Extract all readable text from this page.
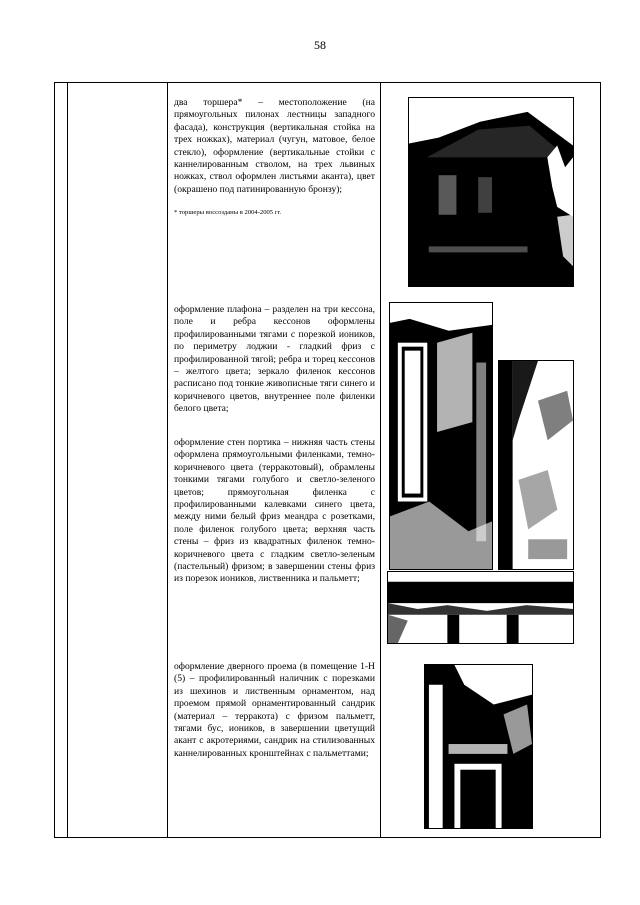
58

два торшера* – местоположение (на прямоугольных пилонах лестницы западного фасада), конструкция (вертикальная стойка на трех ножках), материал (чугун, матовое, белое стекло), оформление (вертикальные стойки с каннелированным стволом, на трех львиных ножках, ствол оформлен листьями аканта), цвет (окрашено под патинированную бронзу);

* торшеры воссозданы в 2004-2005 гг.

оформление плафона – разделен на три кессона, поле и ребра кессонов оформлены профилированными тягами с порезкой иоников, по периметру лоджии - гладкий фриз с профилированной тягой; ребра и торец кессонов – желтого цвета; зеркало филенок кессонов расписано под тонкие живописные тяги синего и коричневого цветов, внутреннее поле филенки белого цвета;

оформление стен портика – нижняя часть стены оформлена прямоугольными филенками, темно-коричневого цвета (терракотовый), обрамлены тонкими тягами голубого и светло-зеленого цветов; прямоугольная филенка с профилированными калевками синего цвета, между ними белый фриз меандра с розетками, поле филенок голубого цвета; верхняя часть стены – фриз из квадратных филенок темно-коричневого цвета с гладким светло-зеленым (пастельный) фризом; в завершении стены фриз из порезок иоников, лиственника и пальметт;

оформление дверного проема (в помещение 1-Н (5) – профилированный наличник с порезками из шехинов и лиственным орнаментом, над проемом прямой орнаментированный сандрик (материал – терракота) с фризом пальметт, тягами бус, иоников, в завершении цветущий акант с акротериями, сандрик на стилизованных каннелированных кронштейнах с пальметтами;
